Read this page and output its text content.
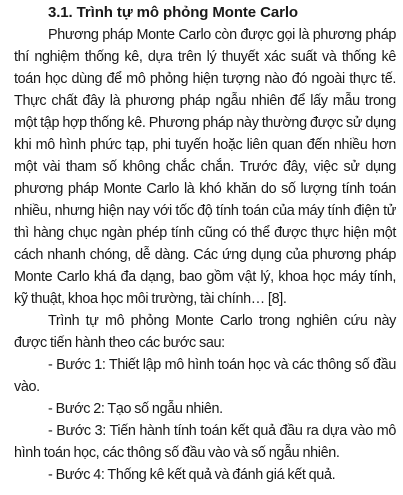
3.1. Trình tự mô phỏng Monte Carlo

Phương pháp Monte Carlo còn được gọi là phương pháp thí nghiệm thống kê, dựa trên lý thuyết xác suất và thống kê toán học dùng để mô phỏng hiện tượng nào đó ngoài thực tế. Thực chất đây là phương pháp ngẫu nhiên để lấy mẫu trong một tập hợp thống kê. Phương pháp này thường được sử dụng khi mô hình phức tạp, phi tuyến hoặc liên quan đến nhiều hơn một vài tham số không chắc chắn. Trước đây, việc sử dụng phương pháp Monte Carlo là khó khăn do số lượng tính toán nhiều, nhưng hiện nay với tốc độ tính toán của máy tính điện tử thì hàng chục ngàn phép tính cũng có thể được thực hiện một cách nhanh chóng, dễ dàng. Các ứng dụng của phương pháp Monte Carlo khá đa dạng, bao gồm vật lý, khoa học máy tính, kỹ thuật, khoa học môi trường, tài chính… [8].

Trình tự mô phỏng Monte Carlo trong nghiên cứu này được tiến hành theo các bước sau:

- Bước 1: Thiết lập mô hình toán học và các thông số đầu vào.

- Bước 2: Tạo số ngẫu nhiên.

- Bước 3: Tiến hành tính toán kết quả đầu ra dựa vào mô hình toán học, các thông số đầu vào và số ngẫu nhiên.

- Bước 4: Thống kê kết quả và đánh giá kết quả.
